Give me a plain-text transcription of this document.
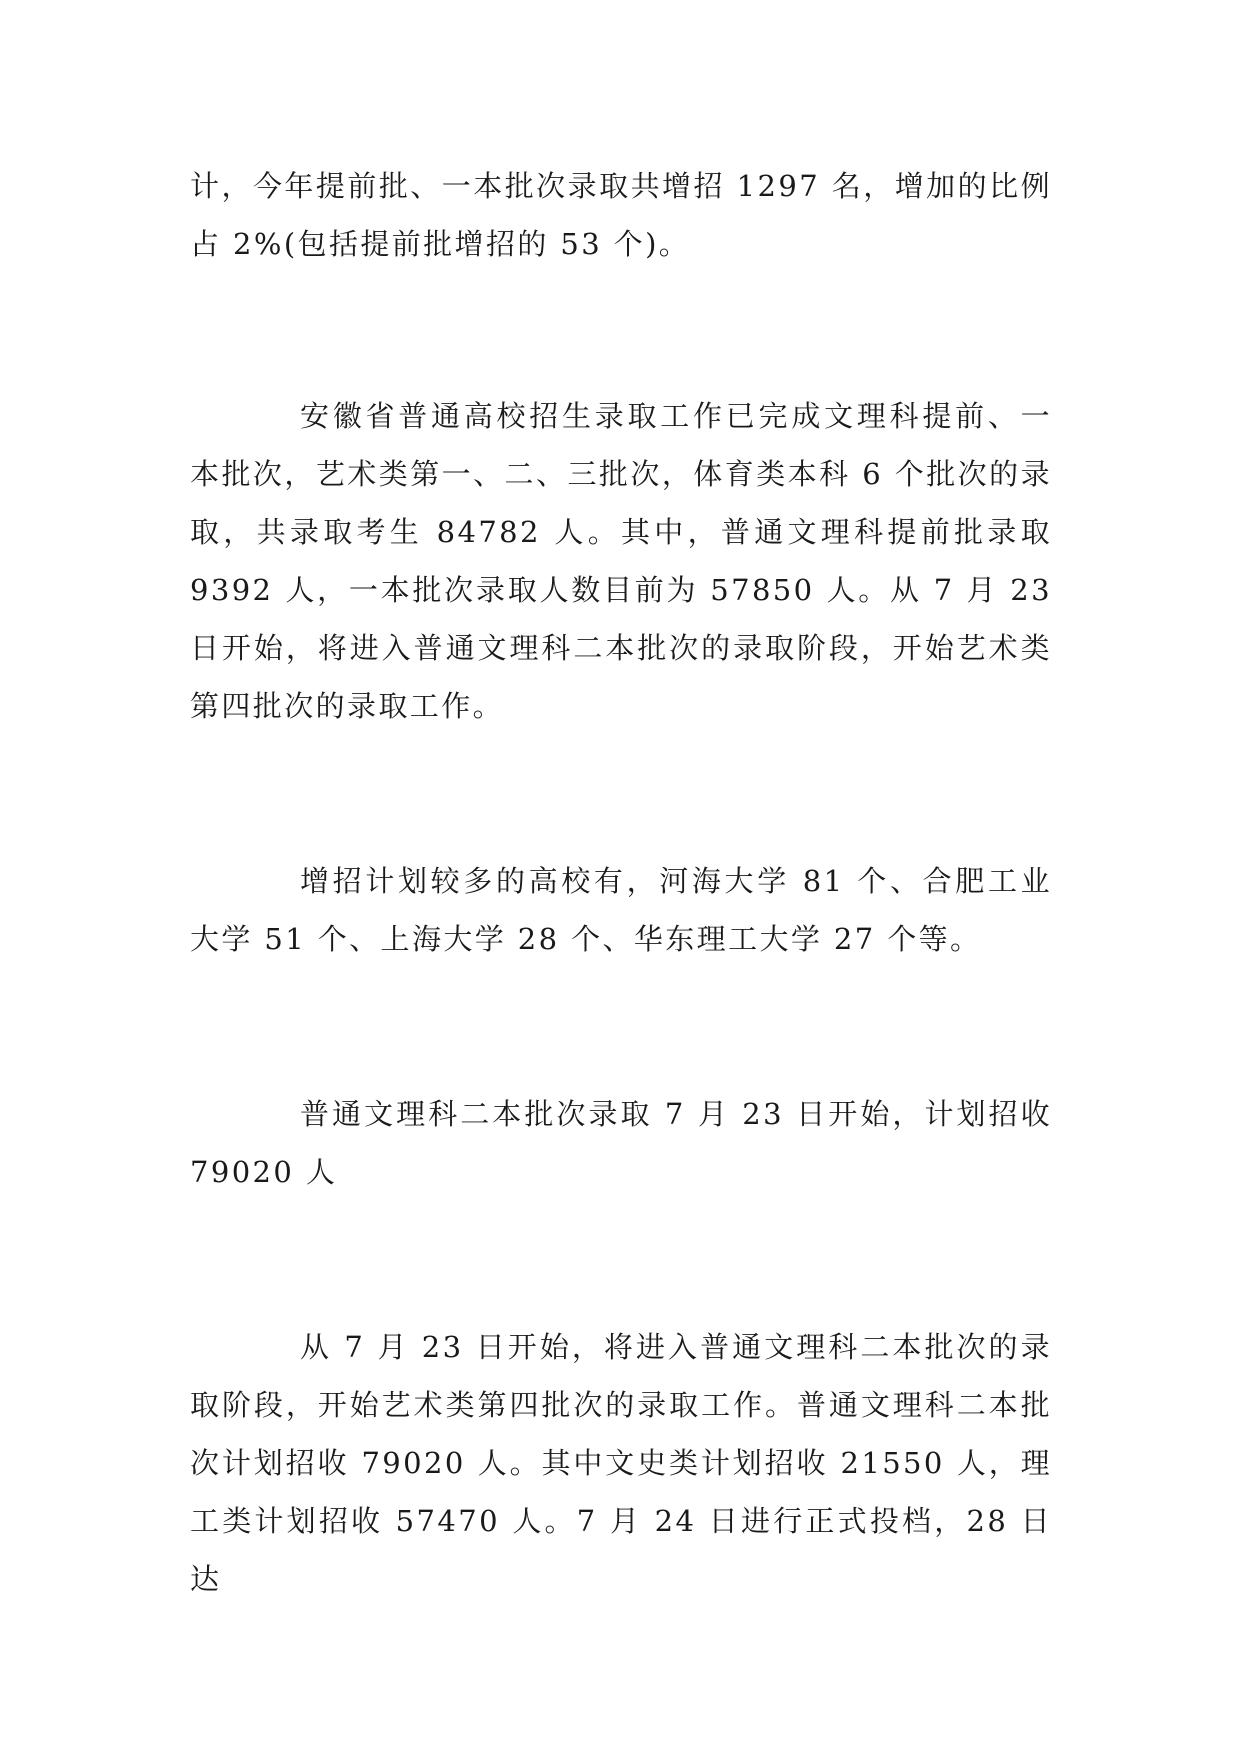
计，今年提前批、一本批次录取共增招 1297 名，增加的比例占 2%(包括提前批增招的 53 个)。

安徽省普通高校招生录取工作已完成文理科提前、一本批次，艺术类第一、二、三批次，体育类本科 6 个批次的录取，共录取考生 84782 人。其中，普通文理科提前批录取 9392 人，一本批次录取人数目前为 57850 人。从 7 月 23 日开始，将进入普通文理科二本批次的录取阶段，开始艺术类第四批次的录取工作。

增招计划较多的高校有，河海大学 81 个、合肥工业大学 51 个、上海大学 28 个、华东理工大学 27 个等。

普通文理科二本批次录取 7 月 23 日开始，计划招收 79020 人

从 7 月 23 日开始，将进入普通文理科二本批次的录取阶段，开始艺术类第四批次的录取工作。普通文理科二本批次计划招收 79020 人。其中文史类计划招收 21550 人，理工类计划招收 57470 人。7 月 24 日进行正式投档，28 日达
